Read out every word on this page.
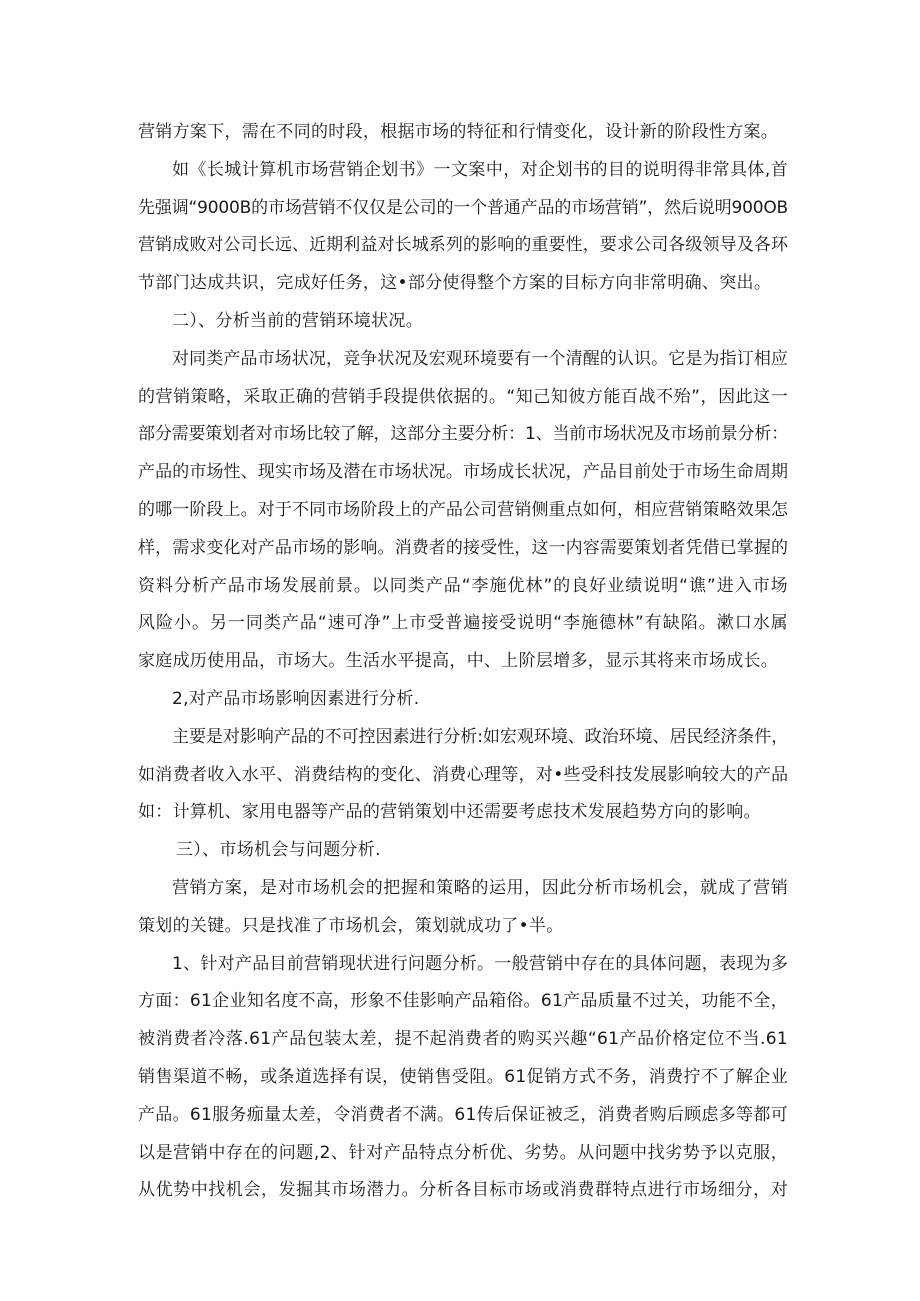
营销方案下，需在不同的时段，根据市场的特征和行情变化，设计新的阶段性方案。
如《长城计算机市场营销企划书》一文案中，对企划书的目的说明得非常具体,首
先强调“9000B的市场营销不仅仅是公司的一个普通产品的市场营销”，然后说明900OB
营销成败对公司长远、近期利益对长城系列的影响的重要性，要求公司各级领导及各环
节部门达成共识，完成好任务，这•部分使得整个方案的目标方向非常明确、突出。
二）、分析当前的营销环境状况。
对同类产品市场状况，竞争状况及宏观环境要有一个清醒的认识。它是为指订相应
的营销策略，采取正确的营销手段提供依据的。“知己知彼方能百战不殆”，因此这一
部分需要策划者对市场比较了解，这部分主要分析：1、当前市场状况及市场前景分析：
产品的市场性、现实市场及潜在市场状况。市场成长状况，产品目前处于市场生命周期
的哪一阶段上。对于不同市场阶段上的产品公司营销侧重点如何，相应营销策略效果怎
样，需求变化对产品市场的影响。消费者的接受性，这一内容需要策划者凭借已掌握的
资料分析产品市场发展前景。以同类产品“李施优林”的良好业绩说明“谯”进入市场
风险小。另一同类产品“速可净”上市受普遍接受说明“李施德林”有缺陷。漱口水属
家庭成历使用品，市场大。生活水平提高，中、上阶层增多，显示其将来市场成长。
2,对产品市场影响因素进行分析.
主要是对影响产品的不可控因素进行分析:如宏观环境、政治环境、居民经济条件，
如消费者收入水平、消费结构的变化、消费心理等，对•些受科技发展影响较大的产品
如：计算机、家用电器等产品的营销策划中还需要考虑技术发展趋势方向的影响。
三）、市场机会与问题分析.
营销方案，是对市场机会的把握和策略的运用，因此分析市场机会，就成了营销
策划的关键。只是找准了市场机会，策划就成功了•半。
1、针对产品目前营销现状进行问题分析。一般营销中存在的具体问题，表现为多
方面：61企业知名度不高，形象不佳影响产品箱俗。61产品质量不过关，功能不全，
被消费者冷落.61产品包装太差，提不起消费者的购买兴趣“61产品价格定位不当.61
销售渠道不畅，或条道选择有误，使销售受阻。61促销方式不务，消费拧不了解企业
产品。61服务痂量太差，令消费者不满。61传后保证被乏，消费者购后顾虑多等都可
以是营销中存在的问题,2、针对产品特点分析优、劣势。从问题中找劣势予以克服，
从优势中找机会，发掘其市场潜力。分析各目标市场或消费群特点进行市场细分，对
